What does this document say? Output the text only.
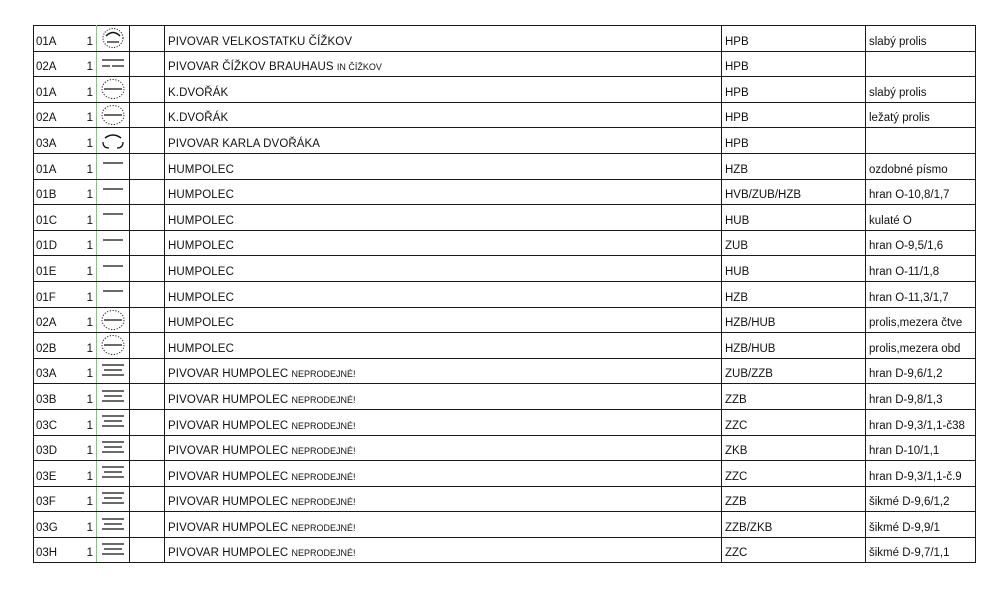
01A	1			PIVOVAR VELKOSTATKU ČÍŽKOV	HPB	slabý prolis
02A	1			PIVOVAR ČÍŽKOV BRAUHAUS IN ČÍŽKOV	HPB	
01A	1			K.DVOŘÁK	HPB	slabý prolis
02A	1			K.DVOŘÁK	HPB	ležatý prolis
03A	1			PIVOVAR KARLA DVOŘÁKA	HPB	
01A	1			HUMPOLEC	HZB	ozdobné písmo
01B	1			HUMPOLEC	HVB/ZUB/HZB	hran O-10,8/1,7
01C	1			HUMPOLEC	HUB	kulaté O
01D	1			HUMPOLEC	ZUB	hran O-9,5/1,6
01E	1			HUMPOLEC	HUB	hran O-11/1,8
01F	1			HUMPOLEC	HZB	hran O-11,3/1,7
02A	1			HUMPOLEC	HZB/HUB	prolis,mezera čtve
02B	1			HUMPOLEC	HZB/HUB	prolis,mezera obd
03A	1			PIVOVAR HUMPOLEC NEPRODEJNÉ!	ZUB/ZZB	hran D-9,6/1,2
03B	1			PIVOVAR HUMPOLEC NEPRODEJNÉ!	ZZB	hran D-9,8/1,3
03C	1			PIVOVAR HUMPOLEC NEPRODEJNÉ!	ZZC	hran D-9,3/1,1-č38
03D	1			PIVOVAR HUMPOLEC NEPRODEJNÉ!	ZKB	hran D-10/1,1
03E	1			PIVOVAR HUMPOLEC NEPRODEJNÉ!	ZZC	hran D-9,3/1,1-č.9
03F	1			PIVOVAR HUMPOLEC NEPRODEJNÉ!	ZZB	šikmé D-9,6/1,2
03G	1			PIVOVAR HUMPOLEC NEPRODEJNÉ!	ZZB/ZKB	šikmé D-9,9/1
03H	1			PIVOVAR HUMPOLEC NEPRODEJNÉ!	ZZC	šikmé D-9,7/1,1
